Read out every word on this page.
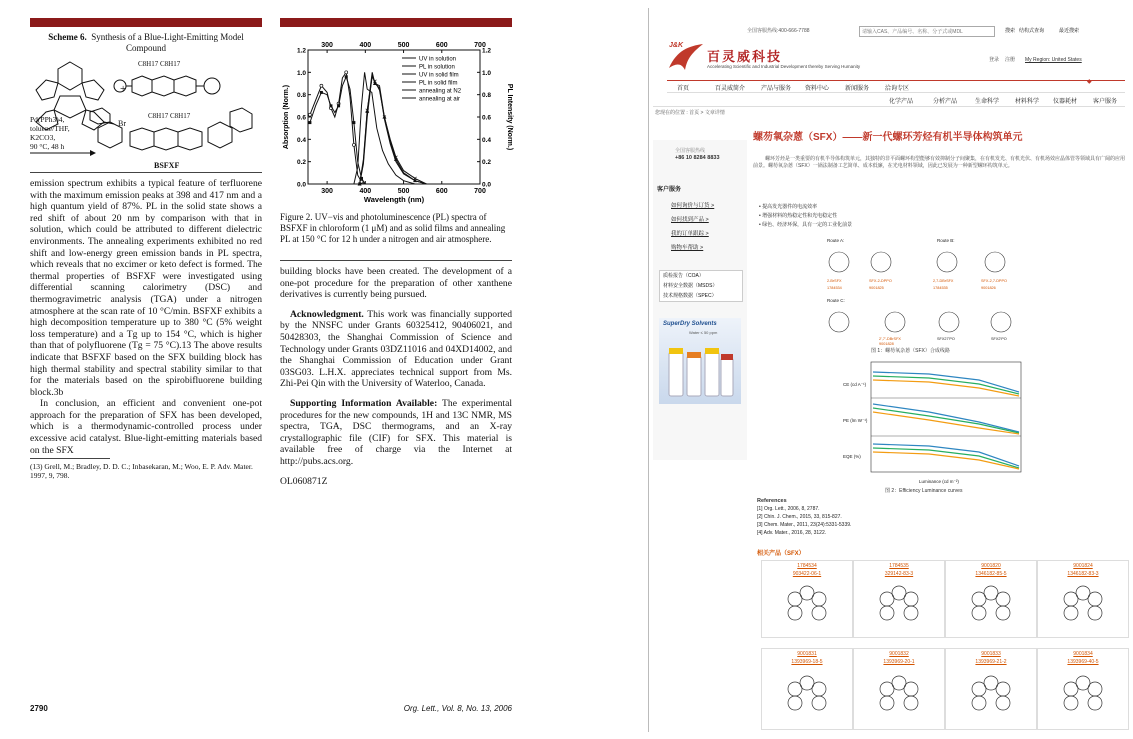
Scheme 6. Synthesis of a Blue-Light-Emitting Model Compound
Br
+
C8H17 C8H17
Pd(PPh3)4,
toluene/THF,
K2CO3,
90 °C, 48 h
BSFXF
C8H17 C8H17

emission spectrum exhibits a typical feature of terfluorene with the maximum emission peaks at 398 and 417 nm and a high quantum yield of 87%. PL in the solid state shows a red shift of about 20 nm by comparison with that in solution, which could be attributed to different dielectric environments. The annealing experiments exhibited no red shift and low-energy green emission bands in PL spectra, which reveals that no excimer or keto defect is formed. The thermal properties of BSFXF were investigated using differential scanning calorimetry (DSC) and thermogravimetric analysis (TGA) under a nitrogen atmosphere at the scan rate of 10 °C/min. BSFXF exhibits a high decomposition temperature up to 380 °C (5% weight loss temperature) and a Tg up to 154 °C, which is higher than that of polyfluorene (Tg = 75 °C).13 The above results indicate that BSFXF based on the SFX building block has high thermal stability and spectral stability similar to that for the materials based on the spirobifluorene building block.3b

In conclusion, an efficient and convenient one-pot approach for the preparation of SFX has been developed, which is a thermodynamic-controlled process under excessive acid catalyst. Blue-light-emitting materials based on the SFX

(13) Grell, M.; Bradley, D. D. C.; Inbasekaran, M.; Woo, E. P. Adv. Mater. 1997, 9, 798.
300
300
400
400
500
500
600
600
700
700
0.0	0.0
0.2	0.2
0.4	0.4
0.6	0.6
0.8	0.8
1.0	1.0
1.2	1.2
Wavelength (nm)
Absorption (Norm.)	PL Intensity (Norm.)
UV in solution
PL in solution
UV in solid film
PL in solid film
annealing at N2
annealing at air
Figure 2. UV−vis and photoluminescence (PL) spectra of BSFXF in chloroform (1 μM) and as solid films and annealing PL at 150 °C for 12 h under a nitrogen and air atmosphere.

building blocks have been created. The development of a one-pot procedure for the preparation of other xanthene derivatives is currently being pursued.

Acknowledgment. This work was financially supported by the NNSFC under Grants 60325412, 90406021, and 50428303, the Shanghai Commission of Science and Technology under Grants 03DZ11016 and 04XD14002, and the Shanghai Commission of Education under Grant 03SG03. L.H.X. appreciates technical support from Ms. Zhi-Pei Qin with the University of Waterloo, Canada.

Supporting Information Available: The experimental procedures for the new compounds, 1H and 13C NMR, MS spectra, TGA, DSC thermograms, and an X-ray crystallographic file (CIF) for SFX. This material is available free of charge via the Internet at http://pubs.acs.org.

OL060871Z

2790	Org. Lett., Vol. 8, No. 13, 2006
全国客服热线:400-666-7788
请输入CAS、产品编号、名称、分子式或MDL	搜索 结构式查询	最近搜索
J&K
百灵威科技
Accelerating Scientific and Industrial Development thereby Serving Humanity
登录 注册 My Region: United States
首页	百灵威简介	产品与服务 资料中心	新闻服务	洽询专区
◆
化学产品	分析产品	生命科学	材料科学 仪器耗材	客户服务
您现在的位置 : 首页 > 文章详情
螺芴氧杂蒽（SFX）——新一代螺环芳烃有机半导体构筑单元
全国客服热线
+86 10 8284 8833
客户服务
如何询价与订货 >
如何找到产品 >
我的订单跟踪 >
购物车帮助 >
质检报告（COA）
材料安全数据（MSDS）
技术规格数据（SPEC）
SuperDry Solvents
Water ≤ 50 ppm
螺环芳烃是一类重要的有机半导体构筑单元，其独特的非平面螺环构型能够有效抑制分子间聚集，在有机发光、有机光伏、有机场效应晶体管等领域具有广阔的应用前景。螺芴氧杂蒽（SFX）一锅法制备工艺简单、成本低廉，在光电材料领域，因此已发展为一种新型螺环构筑单元。
• 提高发光器件的电流效率
• 增强材料的热稳定性和光电稳定性
• 绿色、经济环保，具有一定的工业化前景
Route A:	Route B:
Route C:
2-BrSFX	SFX-2-DPPO	2,7-DBrSFX	SFX-2,7-DPPO
1784534	9001825	1784535	9001826
2',7'-DBrSFX	SFX27'PO	SFX2'PO
9001828
图 1：螺芴氧杂蒽（SFX）合成线路
CE (cd A⁻¹)
PE (lm W⁻¹)
EQE (%)
Luminance (cd m⁻²)
图 2：Efficiency Luminance curves
References
[1] Org. Lett., 2006, 8, 2787.
[2] Chin. J. Chem., 2015, 33, 815-827.
[3] Chem. Mater., 2011, 23(24):5331-5339.
[4] Adv. Mater., 2016, 28, 3122.
相关产品（SFX）
1784534
903422-06-1
9001831
1393969-18-5
1784535
329142-83-3
9001832
1393969-20-1
9001820
1346182-85-5
9001833
1393969-21-2
9001824
1346182-83-3
9001834
1393969-40-5
